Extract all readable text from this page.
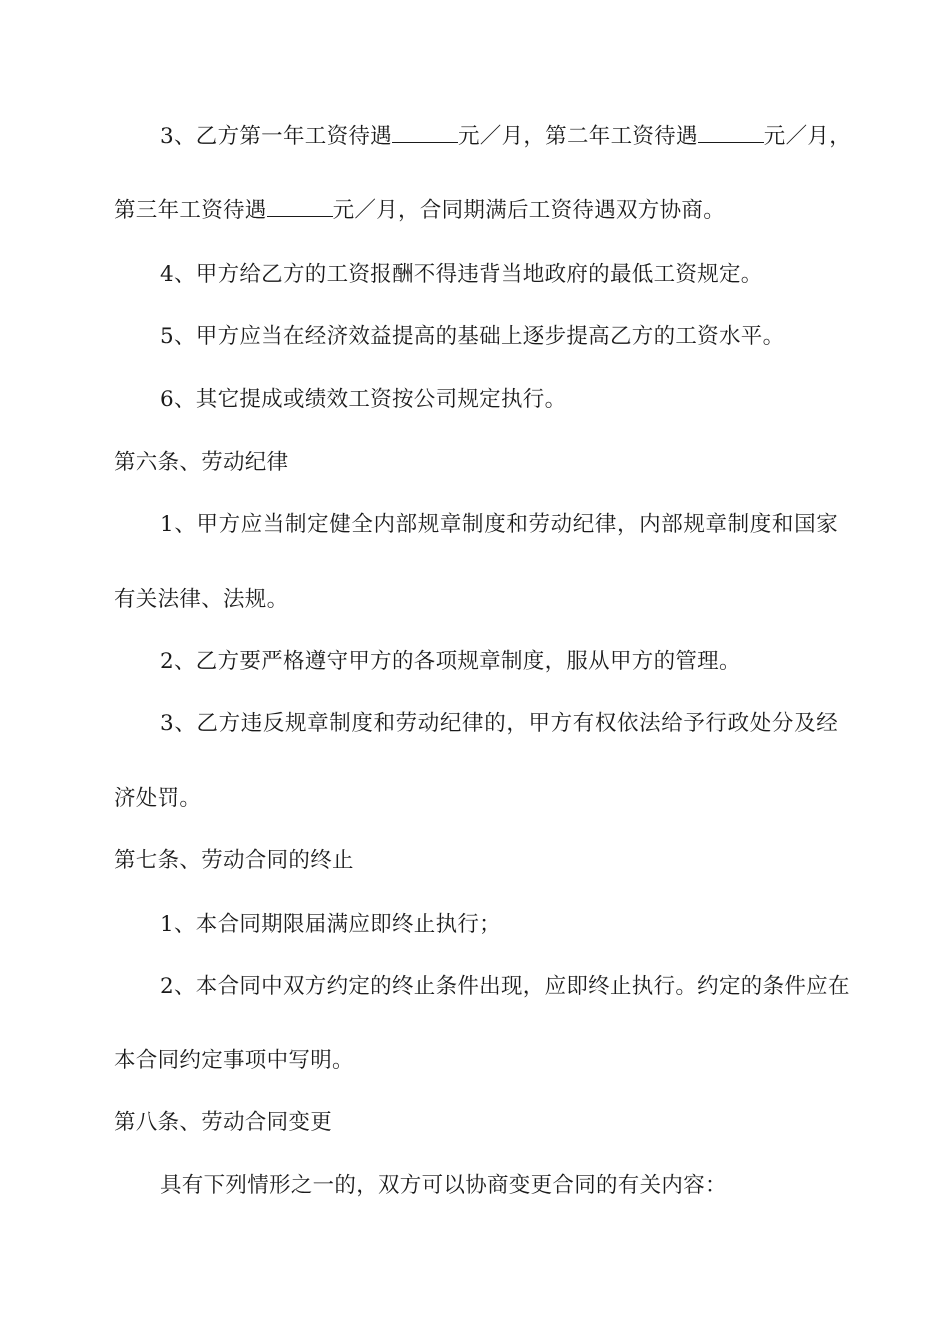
3、乙方第一年工资待遇	元／月，第二年工资待遇	元／月，
第三年工资待遇	元／月，合同期满后工资待遇双方协商。
4、甲方给乙方的工资报酬不得违背当地政府的最低工资规定。
5、甲方应当在经济效益提高的基础上逐步提高乙方的工资水平。
6、其它提成或绩效工资按公司规定执行。
第六条、劳动纪律
1、甲方应当制定健全内部规章制度和劳动纪律，内部规章制度和国家
有关法律、法规。
2、乙方要严格遵守甲方的各项规章制度，服从甲方的管理。
3、乙方违反规章制度和劳动纪律的，甲方有权依法给予行政处分及经
济处罚。
第七条、劳动合同的终止
1、本合同期限届满应即终止执行；
2、本合同中双方约定的终止条件出现，应即终止执行。约定的条件应在
本合同约定事项中写明。
第八条、劳动合同变更
具有下列情形之一的，双方可以协商变更合同的有关内容：
